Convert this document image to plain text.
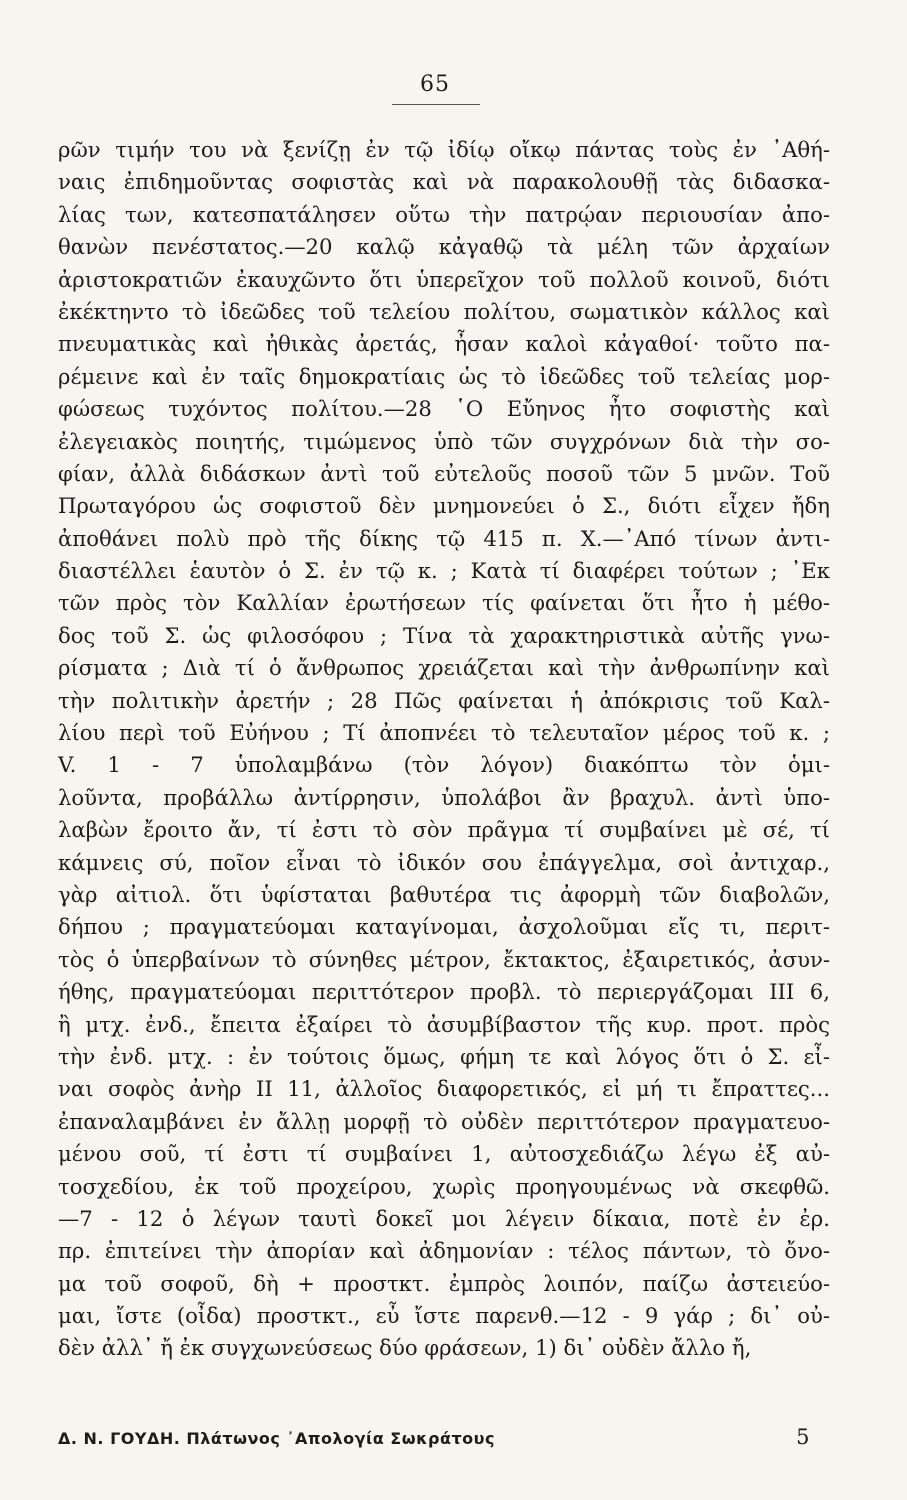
65
ρῶν τιμήν του νὰ ξενίζῃ ἐν τῷ ἰδίῳ οἴκῳ πάντας τοὺς ἐν ᾿Αθή-
ναις ἐπιδημοῦντας σοφιστὰς καὶ νὰ παρακολουθῇ τὰς διδασκα-
λίας των, κατεσπατάλησεν οὕτω τὴν πατρῴαν περιουσίαν ἀπο-
θανὼν πενέστατος.—20 καλῷ κἀγαθῷ τὰ μέλη τῶν ἀρχαίων
ἀριστοκρατιῶν ἐκαυχῶντο ὅτι ὑπερεῖχον τοῦ πολλοῦ κοινοῦ, διότι
ἐκέκτηντο τὸ ἰδεῶδες τοῦ τελείου πολίτου, σωματικὸν κάλλος καὶ
πνευματικὰς καὶ ἠθικὰς ἀρετάς, ἦσαν καλοὶ κἀγαθοί· τοῦτο πα-
ρέμεινε καὶ ἐν ταῖς δημοκρατίαις ὡς τὸ ἰδεῶδες τοῦ τελείας μορ-
φώσεως τυχόντος πολίτου.—28 ῾Ο Εὔηνος ἦτο σοφιστὴς καὶ
ἐλεγειακὸς ποιητής, τιμώμενος ὑπὸ τῶν συγχρόνων διὰ τὴν σο-
φίαν, ἀλλὰ διδάσκων ἀντὶ τοῦ εὐτελοῦς ποσοῦ τῶν 5 μνῶν. Τοῦ
Πρωταγόρου ὡς σοφιστοῦ δὲν μνημονεύει ὁ Σ., διότι εἶχεν ἤδη
ἀποθάνει πολὺ πρὸ τῆς δίκης τῷ 415 π. Χ.—᾿Από τίνων ἀντι-
διαστέλλει ἑαυτὸν ὁ Σ. ἐν τῷ κ. ; Κατὰ τί διαφέρει τούτων ; ᾿Εκ
τῶν πρὸς τὸν Καλλίαν ἐρωτήσεων τίς φαίνεται ὅτι ἦτο ἡ μέθο-
δος τοῦ Σ. ὡς φιλοσόφου ; Τίνα τὰ χαρακτηριστικὰ αὐτῆς γνω-
ρίσματα ; Διὰ τί ὁ ἄνθρωπος χρειάζεται καὶ τὴν ἀνθρωπίνην καὶ
τὴν πολιτικὴν ἀρετήν ; 28 Πῶς φαίνεται ἡ ἀπόκρισις τοῦ Καλ-
λίου περὶ τοῦ Εὐήνου ; Τί ἀποπνέει τὸ τελευταῖον μέρος τοῦ κ. ;
V. 1 - 7 ὑπολαμβάνω (τὸν λόγον) διακόπτω τὸν ὁμι-
λοῦντα, προβάλλω ἀντίρρησιν, ὑπολάβοι ἂν βραχυλ. ἀντὶ ὑπο-
λαβὼν ἔροιτο ἄν, τί ἐστι τὸ σὸν πρᾶγμα τί συμβαίνει μὲ σέ, τί
κάμνεις σύ, ποῖον εἶναι τὸ ἰδικόν σου ἐπάγγελμα, σοὶ ἀντιχαρ.,
γὰρ αἰτιολ. ὅτι ὑφίσταται βαθυτέρα τις ἀφορμὴ τῶν διαβολῶν,
δήπου ; πραγματεύομαι καταγίνομαι, ἀσχολοῦμαι εἴς τι, περιτ-
τὸς ὁ ὑπερβαίνων τὸ σύνηθες μέτρον, ἔκτακτος, ἐξαιρετικός, ἀσυν-
ήθης, πραγματεύομαι περιττότερον προβλ. τὸ περιεργάζομαι III 6,
ἢ μτχ. ἐνδ., ἔπειτα ἐξαίρει τὸ ἀσυμβίβαστον τῆς κυρ. προτ. πρὸς
τὴν ἐνδ. μτχ. : ἐν τούτοις ὅμως, φήμη τε καὶ λόγος ὅτι ὁ Σ. εἶ-
ναι σοφὸς ἀνὴρ II 11, ἀλλοῖος διαφορετικός, εἰ μή τι ἔπραττες...
ἐπαναλαμβάνει ἐν ἄλλῃ μορφῇ τὸ οὐδὲν περιττότερον πραγματευο-
μένου σοῦ, τί ἐστι τί συμβαίνει 1, αὐτοσχεδιάζω λέγω ἐξ αὐ-
τοσχεδίου, ἐκ τοῦ προχείρου, χωρὶς προηγουμένως νὰ σκεφθῶ.
—7 - 12 ὁ λέγων ταυτὶ δοκεῖ μοι λέγειν δίκαια, ποτὲ ἐν ἐρ.
πρ. ἐπιτείνει τὴν ἀπορίαν καὶ ἀδημονίαν : τέλος πάντων, τὸ ὄνο-
μα τοῦ σοφοῦ, δὴ + προστκτ. ἐμπρὸς λοιπόν, παίζω ἀστειεύο-
μαι, ἴστε (οἶδα) προστκτ., εὖ ἴστε παρενθ.—12 - 9 γάρ ; δι᾿ οὐ-
δὲν ἀλλ᾿ ἤ ἐκ συγχωνεύσεως δύο φράσεων, 1) δι᾿ οὐδὲν ἄλλο ἤ,
Δ. Ν. ΓΟΥΔΗ. Πλάτωνος ᾿Απολογία Σωκράτους	5
